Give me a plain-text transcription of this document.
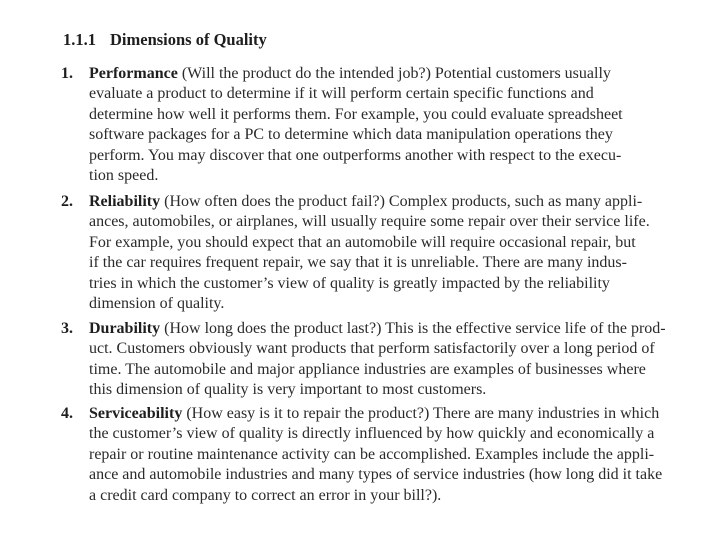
1.1.1 Dimensions of Quality
1. Performance (Will the product do the intended job?) Potential customers usually
evaluate a product to determine if it will perform certain specific functions and
determine how well it performs them. For example, you could evaluate spreadsheet
software packages for a PC to determine which data manipulation operations they
perform. You may discover that one outperforms another with respect to the execu-
tion speed.
2. Reliability (How often does the product fail?) Complex products, such as many appli-
ances, automobiles, or airplanes, will usually require some repair over their service life.
For example, you should expect that an automobile will require occasional repair, but
if the car requires frequent repair, we say that it is unreliable. There are many indus-
tries in which the customer’s view of quality is greatly impacted by the reliability
dimension of quality.
3. Durability (How long does the product last?) This is the effective service life of the prod-
uct. Customers obviously want products that perform satisfactorily over a long period of
time. The automobile and major appliance industries are examples of businesses where
this dimension of quality is very important to most customers.
4. Serviceability (How easy is it to repair the product?) There are many industries in which
the customer’s view of quality is directly influenced by how quickly and economically a
repair or routine maintenance activity can be accomplished. Examples include the appli-
ance and automobile industries and many types of service industries (how long did it take
a credit card company to correct an error in your bill?).
